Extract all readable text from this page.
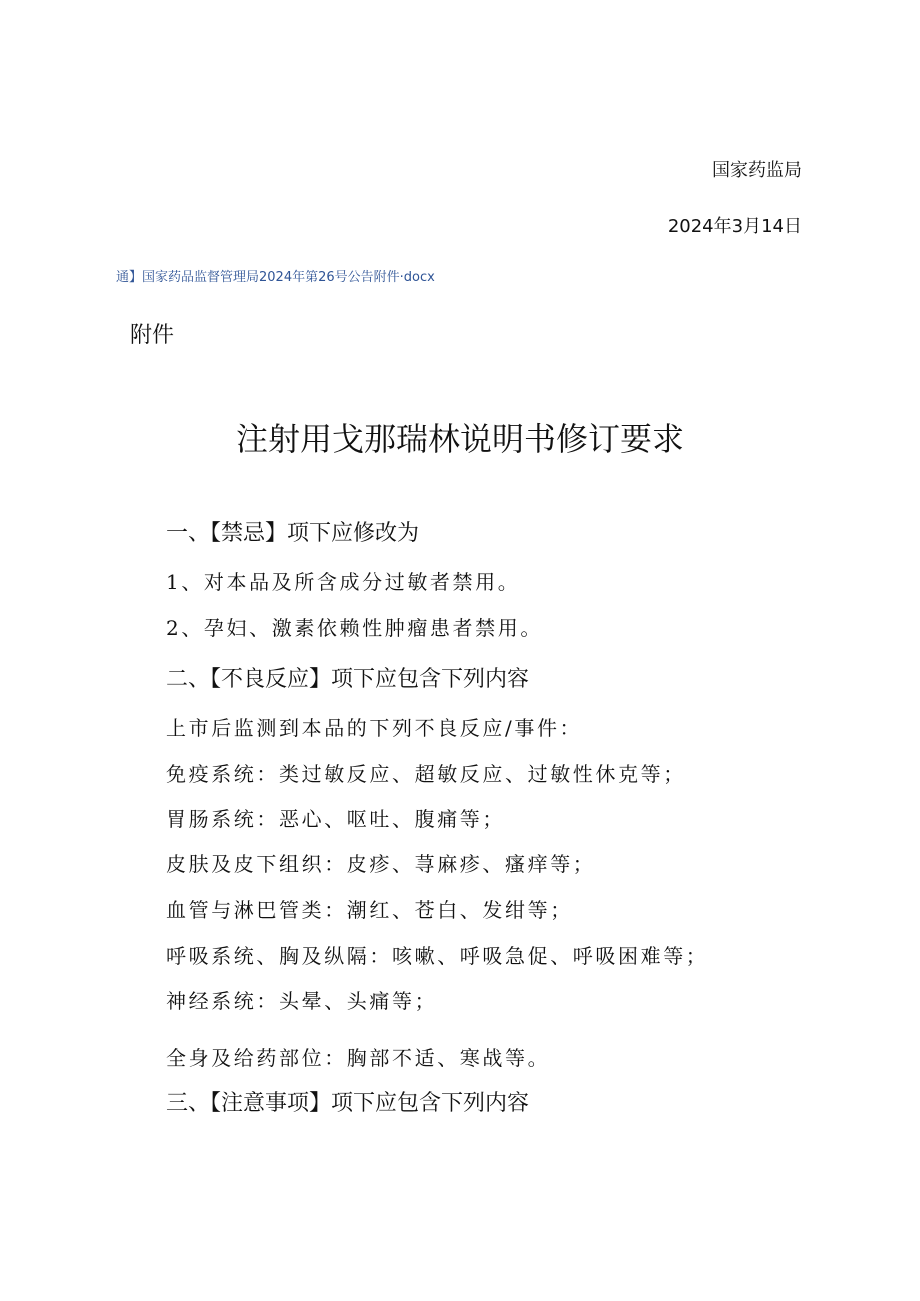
国家药监局
2024年3月14日
通】国家药品监督管理局2024年第26号公告附件·docx
附件
注射用戈那瑞林说明书修订要求
一、【禁忌】项下应修改为
1、对本品及所含成分过敏者禁用。
2、孕妇、激素依赖性肿瘤患者禁用。
二、【不良反应】项下应包含下列内容
上市后监测到本品的下列不良反应/事件：
免疫系统：类过敏反应、超敏反应、过敏性休克等；
胃肠系统：恶心、呕吐、腹痛等；
皮肤及皮下组织：皮疹、荨麻疹、瘙痒等；
血管与淋巴管类：潮红、苍白、发绀等；
呼吸系统、胸及纵隔：咳嗽、呼吸急促、呼吸困难等；
神经系统：头晕、头痛等；
全身及给药部位：胸部不适、寒战等。
三、【注意事项】项下应包含下列内容
